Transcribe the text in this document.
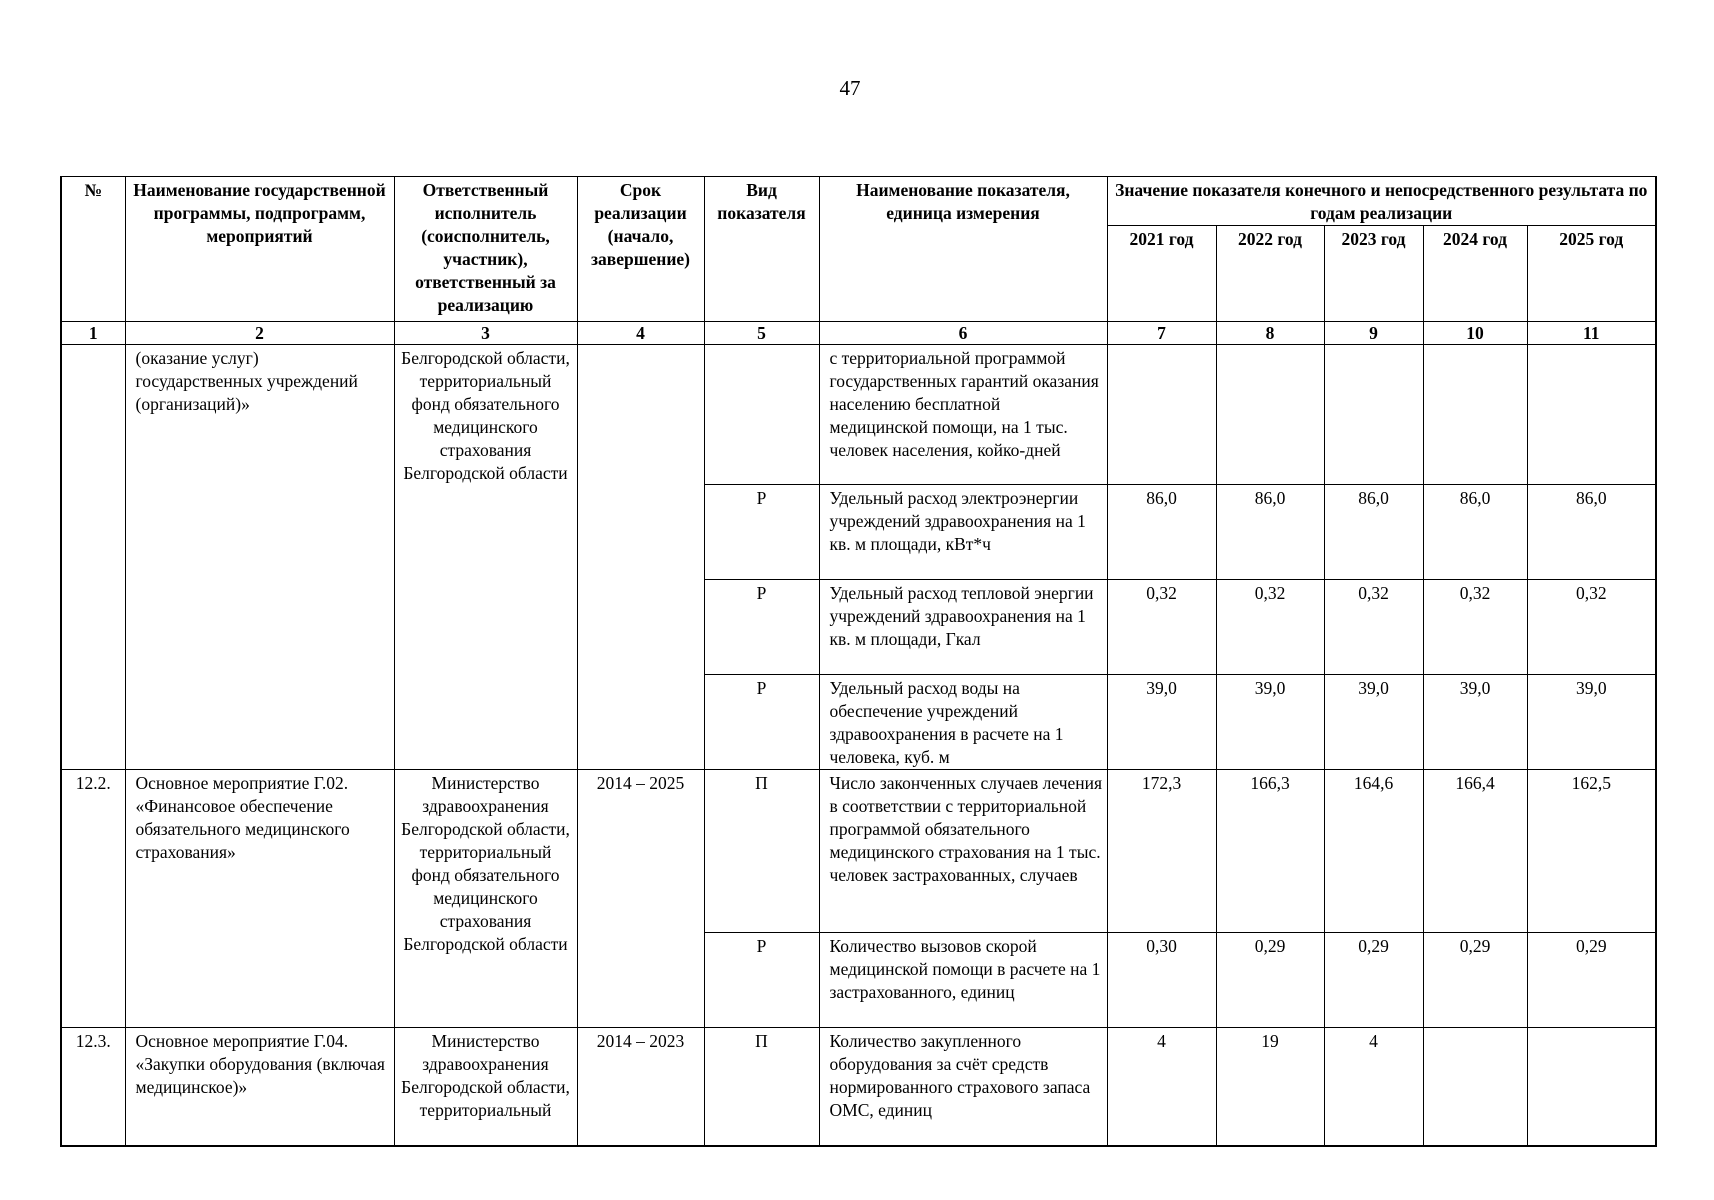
47
№	Наименование государственной программы, подпрограмм, мероприятий	Ответственный исполнитель (соисполнитель, участник), ответственный за реализацию	Срок реализации (начало, завершение)	Вид показателя	Наименование показателя, единица измерения	Значение показателя конечного и непосредственного результата по годам реализации				
						2021 год	2022 год	2023 год	2024 год	2025 год
1	2	3	4	5	6	7	8	9	10	11
	(оказание услуг) государственных учреждений (организаций)»	Белгородской области, территориальный фонд обязательного медицинского страхования Белгородской области			с территориальной программой государственных гарантий оказания населению бесплатной медицинской помощи, на 1 тыс. человек населения, койко-дней					
				Р	Удельный расход электроэнергии учреждений здравоохранения на 1 кв. м площади, кВт*ч	86,0	86,0	86,0	86,0	86,0
				Р	Удельный расход тепловой энергии учреждений здравоохранения на 1 кв. м площади, Гкал	0,32	0,32	0,32	0,32	0,32
				Р	Удельный расход воды на обеспечение учреждений здравоохранения в расчете на 1 человека, куб. м	39,0	39,0	39,0	39,0	39,0
12.2.	Основное мероприятие Г.02. «Финансовое обеспечение обязательного медицинского страхования»	Министерство здравоохранения Белгородской области, территориальный фонд обязательного медицинского страхования Белгородской области	2014 – 2025	П	Число законченных случаев лечения в соответствии с территориальной программой обязательного медицинского страхования на 1 тыс. человек застрахованных, случаев	172,3	166,3	164,6	166,4	162,5
				Р	Количество вызовов скорой медицинской помощи в расчете на 1 застрахованного, единиц	0,30	0,29	0,29	0,29	0,29
12.3.	Основное мероприятие Г.04. «Закупки оборудования (включая медицинское)»	Министерство здравоохранения Белгородской области, территориальный	2014 – 2023	П	Количество закупленного оборудования за счёт средств нормированного страхового запаса ОМС, единиц	4	19	4		
